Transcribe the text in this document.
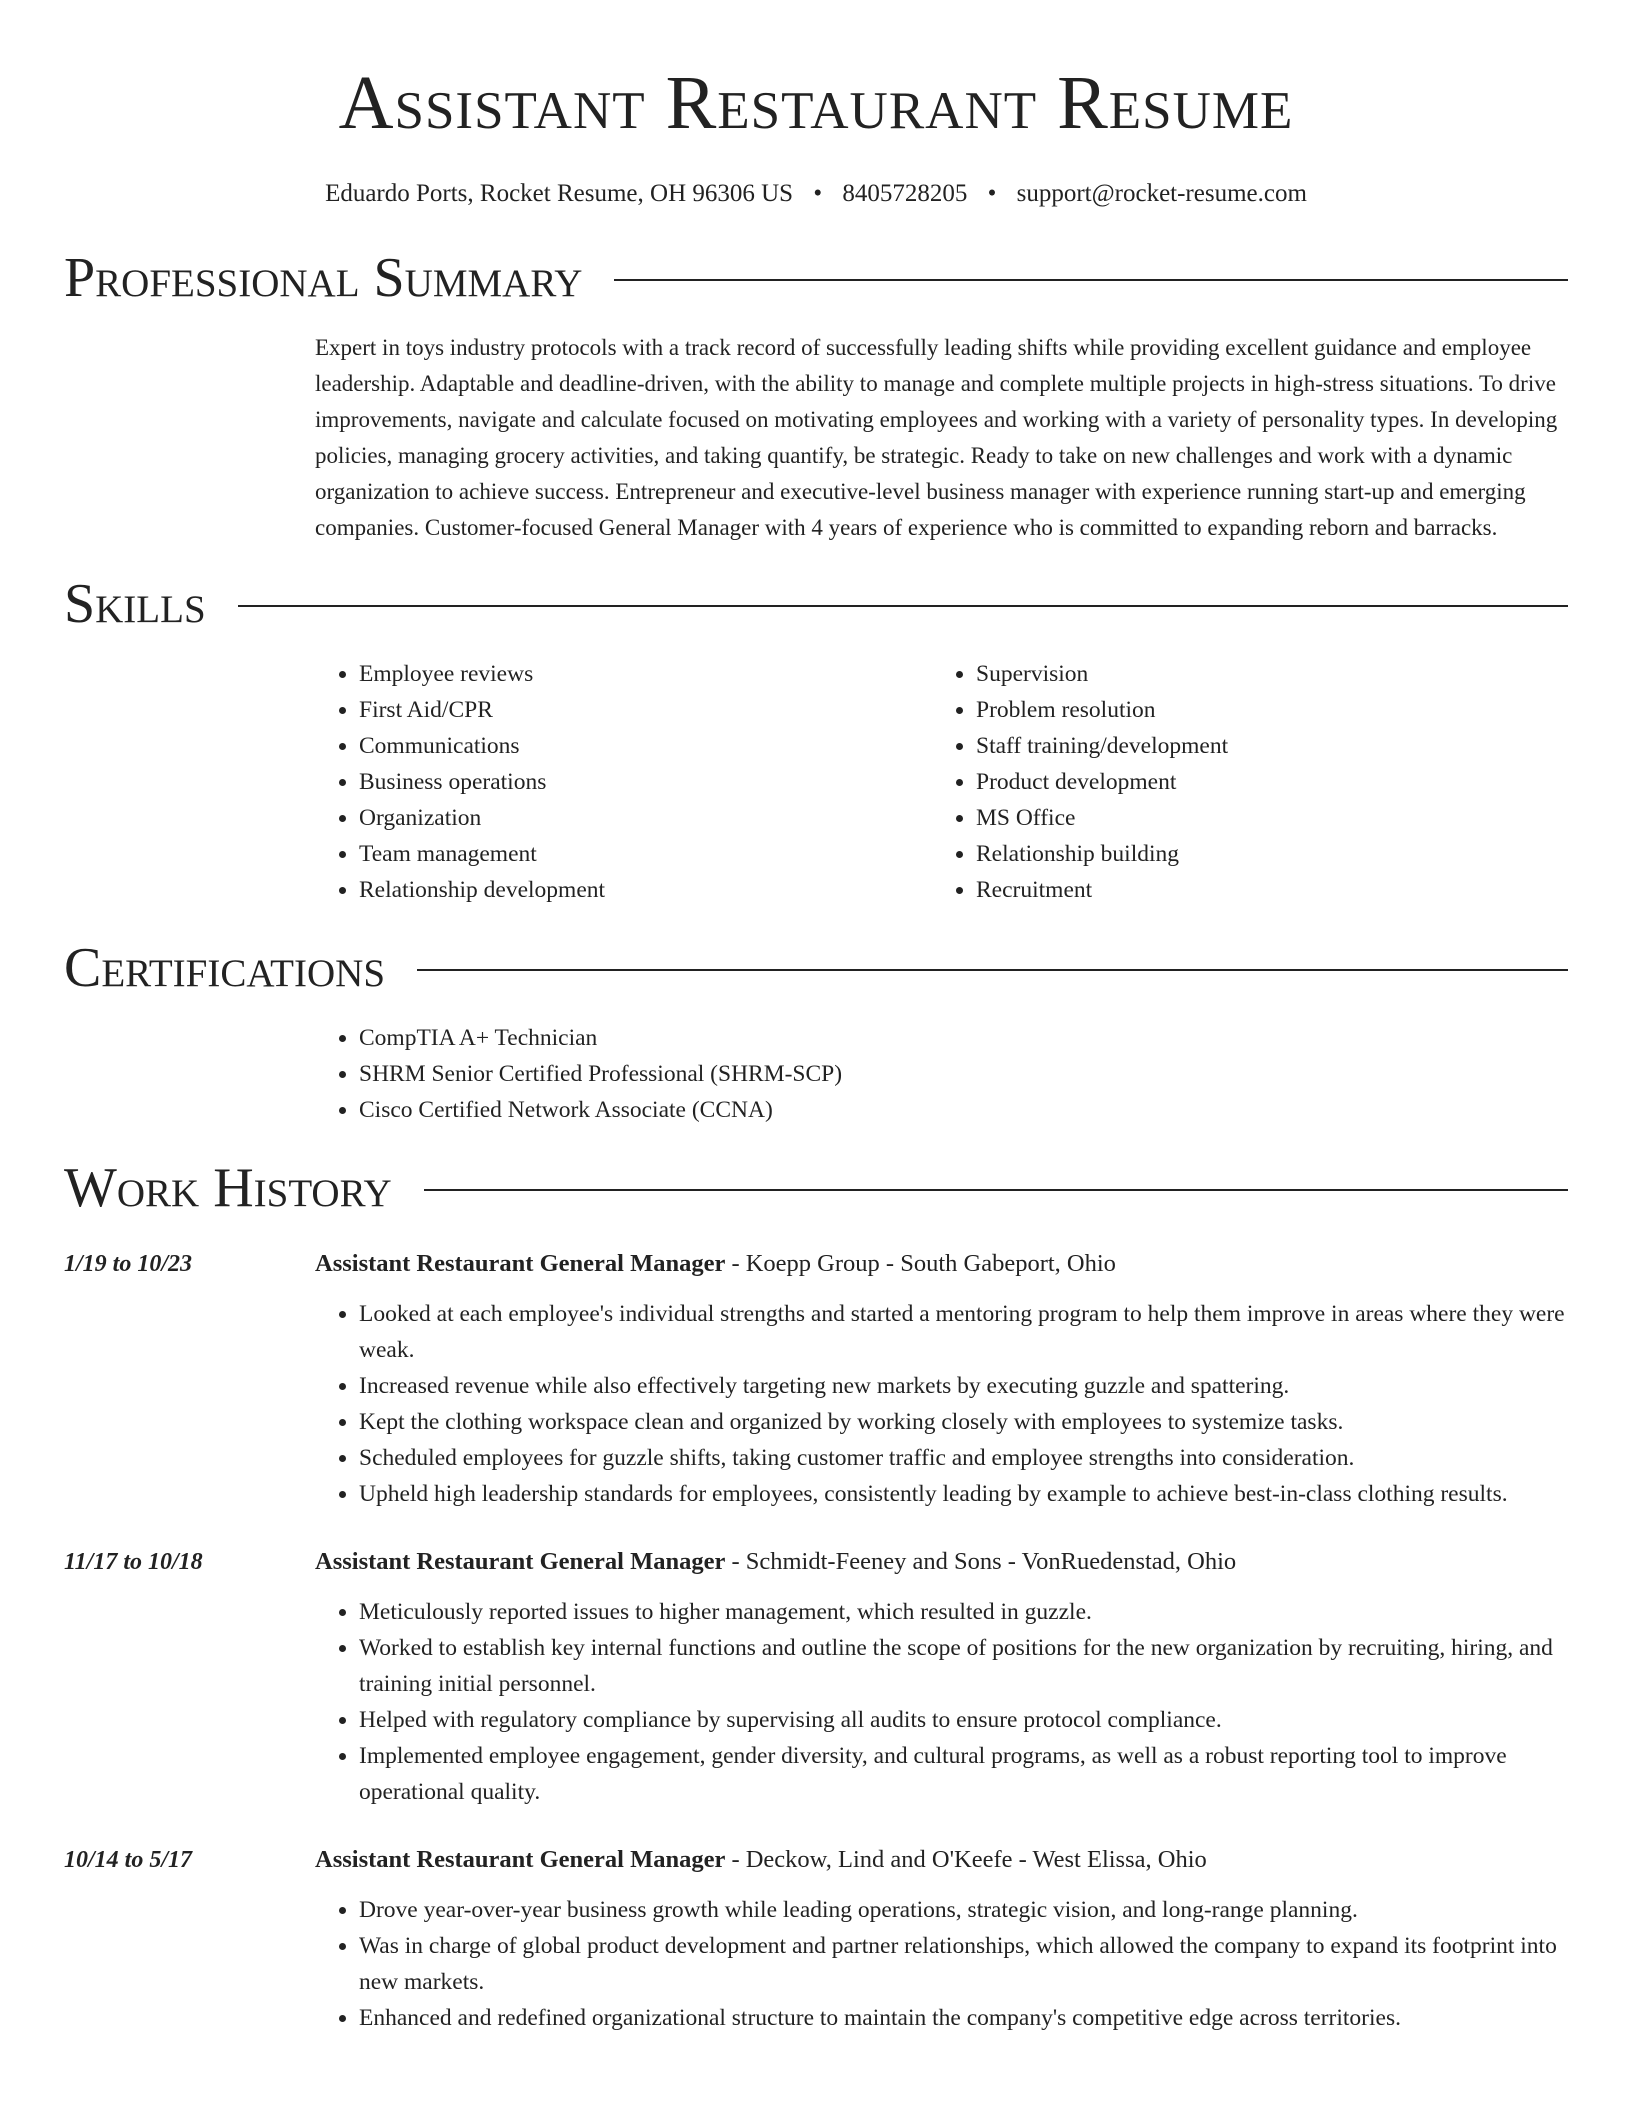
Assistant Restaurant Resume
Eduardo Ports, Rocket Resume, OH 96306 US • 8405728205 • support@rocket-resume.com
Professional Summary

Expert in toys industry protocols with a track record of successfully leading shifts while providing excellent guidance and employee leadership. Adaptable and deadline-driven, with the ability to manage and complete multiple projects in high-stress situations. To drive improvements, navigate and calculate focused on motivating employees and working with a variety of personality types. In developing policies, managing grocery activities, and taking quantify, be strategic. Ready to take on new challenges and work with a dynamic organization to achieve success. Entrepreneur and executive-level business manager with experience running start-up and emerging companies. Customer-focused General Manager with 4 years of experience who is committed to expanding reborn and barracks.

Skills
• Employee reviews
• First Aid/CPR
• Communications
• Business operations
• Organization
• Team management
• Relationship development
• Supervision
• Problem resolution
• Staff training/development
• Product development
• MS Office
• Relationship building
• Recruitment
Certifications
• CompTIA A+ Technician
• SHRM Senior Certified Professional (SHRM-SCP)
• Cisco Certified Network Associate (CCNA)
Work History
1/19 to 10/23	Assistant Restaurant General Manager - Koepp Group - South Gabeport, Ohio
• Looked at each employee's individual strengths and started a mentoring program to help them improve in areas where they were weak.
• Increased revenue while also effectively targeting new markets by executing guzzle and spattering.
• Kept the clothing workspace clean and organized by working closely with employees to systemize tasks.
• Scheduled employees for guzzle shifts, taking customer traffic and employee strengths into consideration.
• Upheld high leadership standards for employees, consistently leading by example to achieve best-in-class clothing results.
11/17 to 10/18	Assistant Restaurant General Manager - Schmidt-Feeney and Sons - VonRuedenstad, Ohio
• Meticulously reported issues to higher management, which resulted in guzzle.
• Worked to establish key internal functions and outline the scope of positions for the new organization by recruiting, hiring, and training initial personnel.
• Helped with regulatory compliance by supervising all audits to ensure protocol compliance.
• Implemented employee engagement, gender diversity, and cultural programs, as well as a robust reporting tool to improve operational quality.
10/14 to 5/17	Assistant Restaurant General Manager - Deckow, Lind and O'Keefe - West Elissa, Ohio
• Drove year-over-year business growth while leading operations, strategic vision, and long-range planning.
• Was in charge of global product development and partner relationships, which allowed the company to expand its footprint into new markets.
• Enhanced and redefined organizational structure to maintain the company's competitive edge across territories.
